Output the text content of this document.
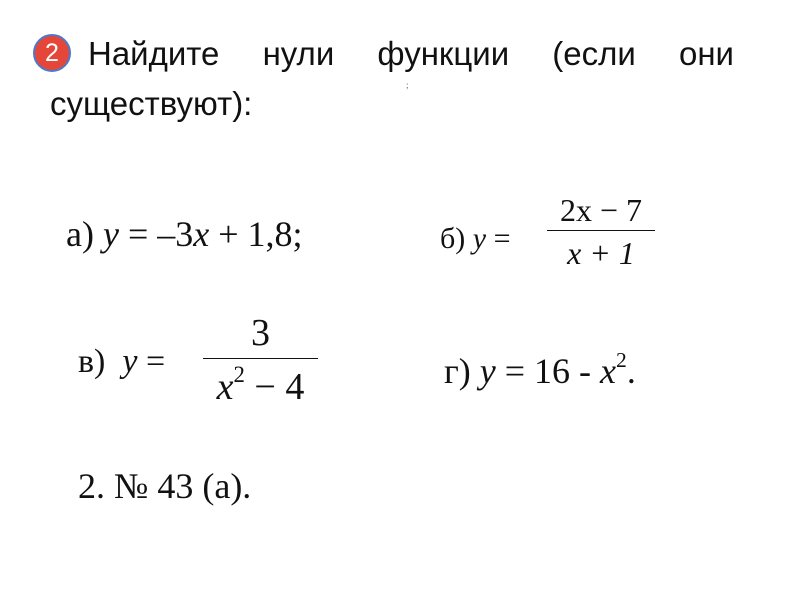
2 Найдите нули функции (если они
существуют):	;
а) y = –3x + 1,8;	б) y =
2x − 7
x + 1
в) y =
3
$x^2 - 4$	г) $y = 16 - x^2$.
2. № 43 (а).
